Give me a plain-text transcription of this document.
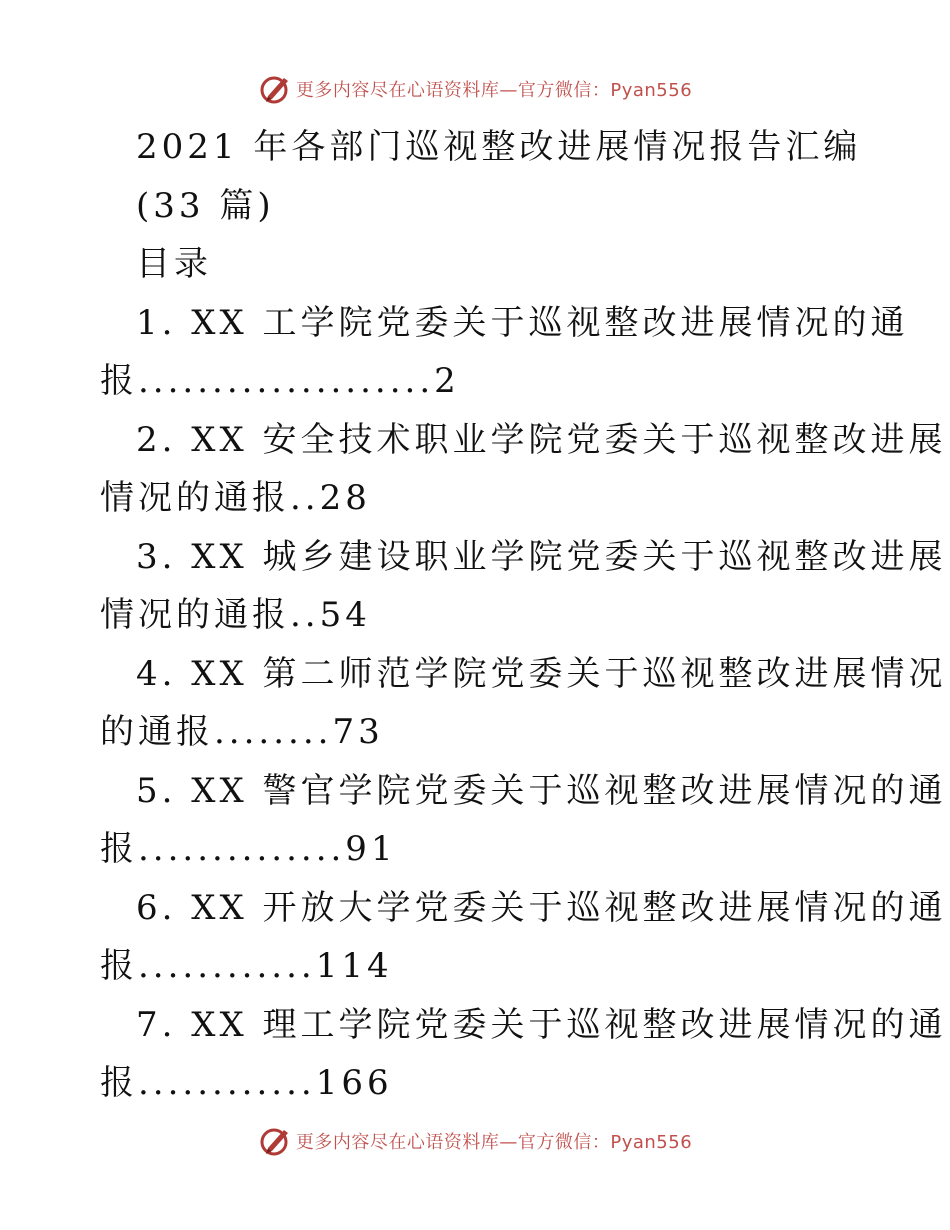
更多内容尽在心语资料库—官方微信：Pyan556
2021 年各部门巡视整改进展情况报告汇编
(33 篇)
目录
1. XX 工学院党委关于巡视整改进展情况的通
报....................2
2. XX 安全技术职业学院党委关于巡视整改进展
情况的通报..28
3. XX 城乡建设职业学院党委关于巡视整改进展
情况的通报..54
4. XX 第二师范学院党委关于巡视整改进展情况
的通报........73
5. XX 警官学院党委关于巡视整改进展情况的通
报..............91
6. XX 开放大学党委关于巡视整改进展情况的通
报............114
7. XX 理工学院党委关于巡视整改进展情况的通
报............166
更多内容尽在心语资料库—官方微信：Pyan556
